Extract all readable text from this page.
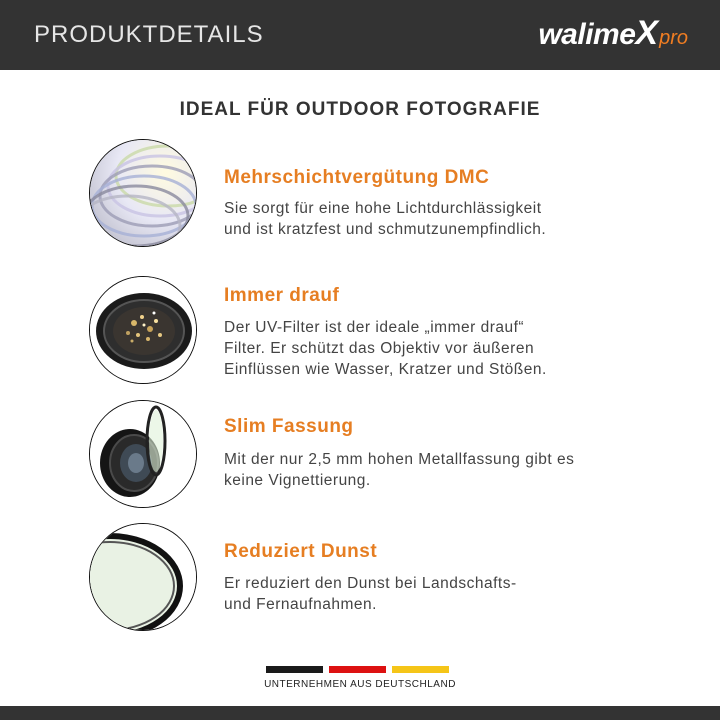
PRODUKTDETAILS	walimeXpro
IDEAL FÜR OUTDOOR FOTOGRAFIE
Mehrschichtvergütung DMC
Sie sorgt für eine hohe Lichtdurchlässigkeit
und ist kratzfest und schmutzunempfindlich.
Immer drauf
Der UV-Filter ist der ideale „immer drauf“
Filter. Er schützt das Objektiv vor äußeren
Einflüssen wie Wasser, Kratzer und Stößen.
Slim Fassung
Mit der nur 2,5 mm hohen Metallfassung gibt es
keine Vignettierung.
Reduziert Dunst
Er reduziert den Dunst bei Landschafts-
und Fernaufnahmen.
UNTERNEHMEN AUS DEUTSCHLAND
